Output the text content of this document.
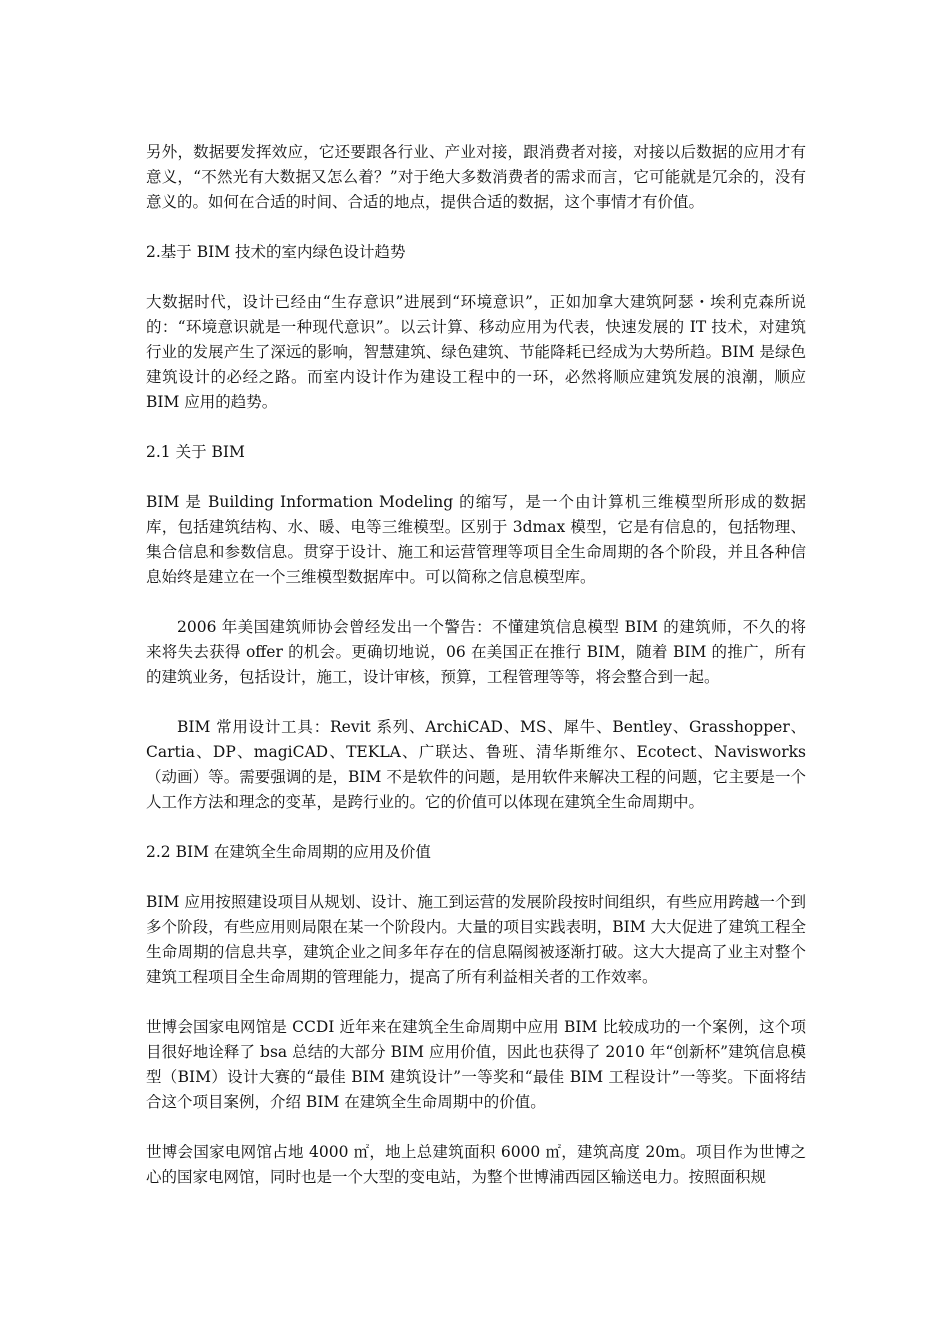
另外，数据要发挥效应，它还要跟各行业、产业对接，跟消费者对接，对接以后数据的应用才有意义，“不然光有大数据又怎么着？”对于绝大多数消费者的需求而言，它可能就是冗余的，没有意义的。如何在合适的时间、合适的地点，提供合适的数据，这个事情才有价值。

2.基于 BIM 技术的室内绿色设计趋势

大数据时代，设计已经由“生存意识”进展到“环境意识”，正如加拿大建筑阿瑟・埃利克森所说的：“环境意识就是一种现代意识”。以云计算、移动应用为代表，快速发展的 IT 技术，对建筑行业的发展产生了深远的影响，智慧建筑、绿色建筑、节能降耗已经成为大势所趋。BIM 是绿色建筑设计的必经之路。而室内设计作为建设工程中的一环，必然将顺应建筑发展的浪潮，顺应 BIM 应用的趋势。

2.1 关于 BIM

BIM 是 Building Information Modeling 的缩写，是一个由计算机三维模型所形成的数据库，包括建筑结构、水、暖、电等三维模型。区别于 3dmax 模型，它是有信息的，包括物理、集合信息和参数信息。贯穿于设计、施工和运营管理等项目全生命周期的各个阶段，并且各种信息始终是建立在一个三维模型数据库中。可以简称之信息模型库。

2006 年美国建筑师协会曾经发出一个警告：不懂建筑信息模型 BIM 的建筑师，不久的将来将失去获得 offer 的机会。更确切地说，06 在美国正在推行 BIM，随着 BIM 的推广，所有的建筑业务，包括设计，施工，设计审核，预算，工程管理等等，将会整合到一起。

BIM 常用设计工具：Revit 系列、ArchiCAD、MS、犀牛、Bentley、Grasshopper、Cartia、DP、magiCAD、TEKLA、广联达、鲁班、清华斯维尔、Ecotect、Navisworks（动画）等。需要强调的是，BIM 不是软件的问题，是用软件来解决工程的问题，它主要是一个人工作方法和理念的变革，是跨行业的。它的价值可以体现在建筑全生命周期中。

2.2 BIM 在建筑全生命周期的应用及价值

BIM 应用按照建设项目从规划、设计、施工到运营的发展阶段按时间组织，有些应用跨越一个到多个阶段，有些应用则局限在某一个阶段内。大量的项目实践表明，BIM 大大促进了建筑工程全生命周期的信息共享，建筑企业之间多年存在的信息隔阂被逐渐打破。这大大提高了业主对整个建筑工程项目全生命周期的管理能力，提高了所有利益相关者的工作效率。

世博会国家电网馆是 CCDI 近年来在建筑全生命周期中应用 BIM 比较成功的一个案例，这个项目很好地诠释了 bsa 总结的大部分 BIM 应用价值，因此也获得了 2010 年“创新杯”建筑信息模型（BIM）设计大赛的“最佳 BIM 建筑设计”一等奖和“最佳 BIM 工程设计”一等奖。下面将结合这个项目案例，介绍 BIM 在建筑全生命周期中的价值。

世博会国家电网馆占地 4000 ㎡，地上总建筑面积 6000 ㎡，建筑高度 20m。项目作为世博之心的国家电网馆，同时也是一个大型的变电站，为整个世博浦西园区输送电力。按照面积规
